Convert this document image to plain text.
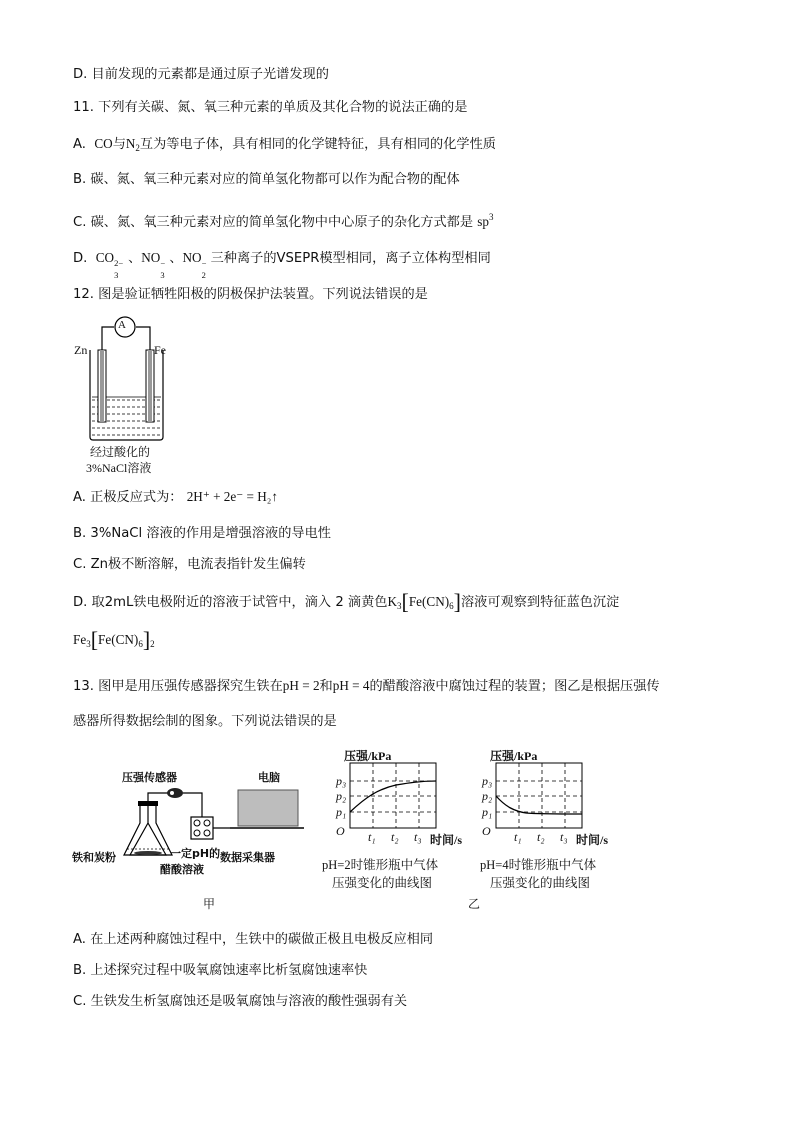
D. 目前发现的元素都是通过原子光谱发现的
11. 下列有关碳、氮、氧三种元素的单质及其化合物的说法正确的是
A. CO与$N_2$互为等电子体，具有相同的化学键特征，具有相同的化学性质
B. 碳、氮、氧三种元素对应的简单氢化物都可以作为配合物的配体
C. 碳、氮、氧三种元素对应的简单氢化物中中心原子的杂化方式都是 $sp^3$
D. CO 2−
3
、NO −
3
、NO −
2
三种离子的VSEPR模型相同，离子立体构型相同
12. 图是验证牺牲阳极的阴极保护法装置。下列说法错误的是
A
Zn	Fe
经过酸化的
3%NaCl溶液
A. 正极反应式为： 2H⁺ + 2e⁻ = H₂↑
B. 3%NaCl 溶液的作用是增强溶液的导电性
C. Zn极不断溶解，电流表指针发生偏转
D. 取2mL铁电极附近的溶液于试管中，滴入 2 滴黄色$K_3[Fe(CN)_6]$溶液可观察到特征蓝色沉淀
$Fe_3[Fe(CN)_6]_2$
13. 图甲是用压强传感器探究生铁在pH = 2和pH = 4的醋酸溶液中腐蚀过程的装置；图乙是根据压强传
感器所得数据绘制的图象。下列说法错误的是
压强传感器	电脑
铁和炭粉	一定pH的
醋酸溶液
数据采集器
甲
压强/kPa
p₃
p₂
p₁
O t₁ t₂ t₃ 时间/s
压强/kPa
p₃
p₂
p₁
O t₁ t₂ t₃ 时间/s
pH=2时锥形瓶中气体
压强变化的曲线图
pH=4时锥形瓶中气体
压强变化的曲线图
乙
A. 在上述两种腐蚀过程中，生铁中的碳做正极且电极反应相同
B. 上述探究过程中吸氧腐蚀速率比析氢腐蚀速率快
C. 生铁发生析氢腐蚀还是吸氧腐蚀与溶液的酸性强弱有关
